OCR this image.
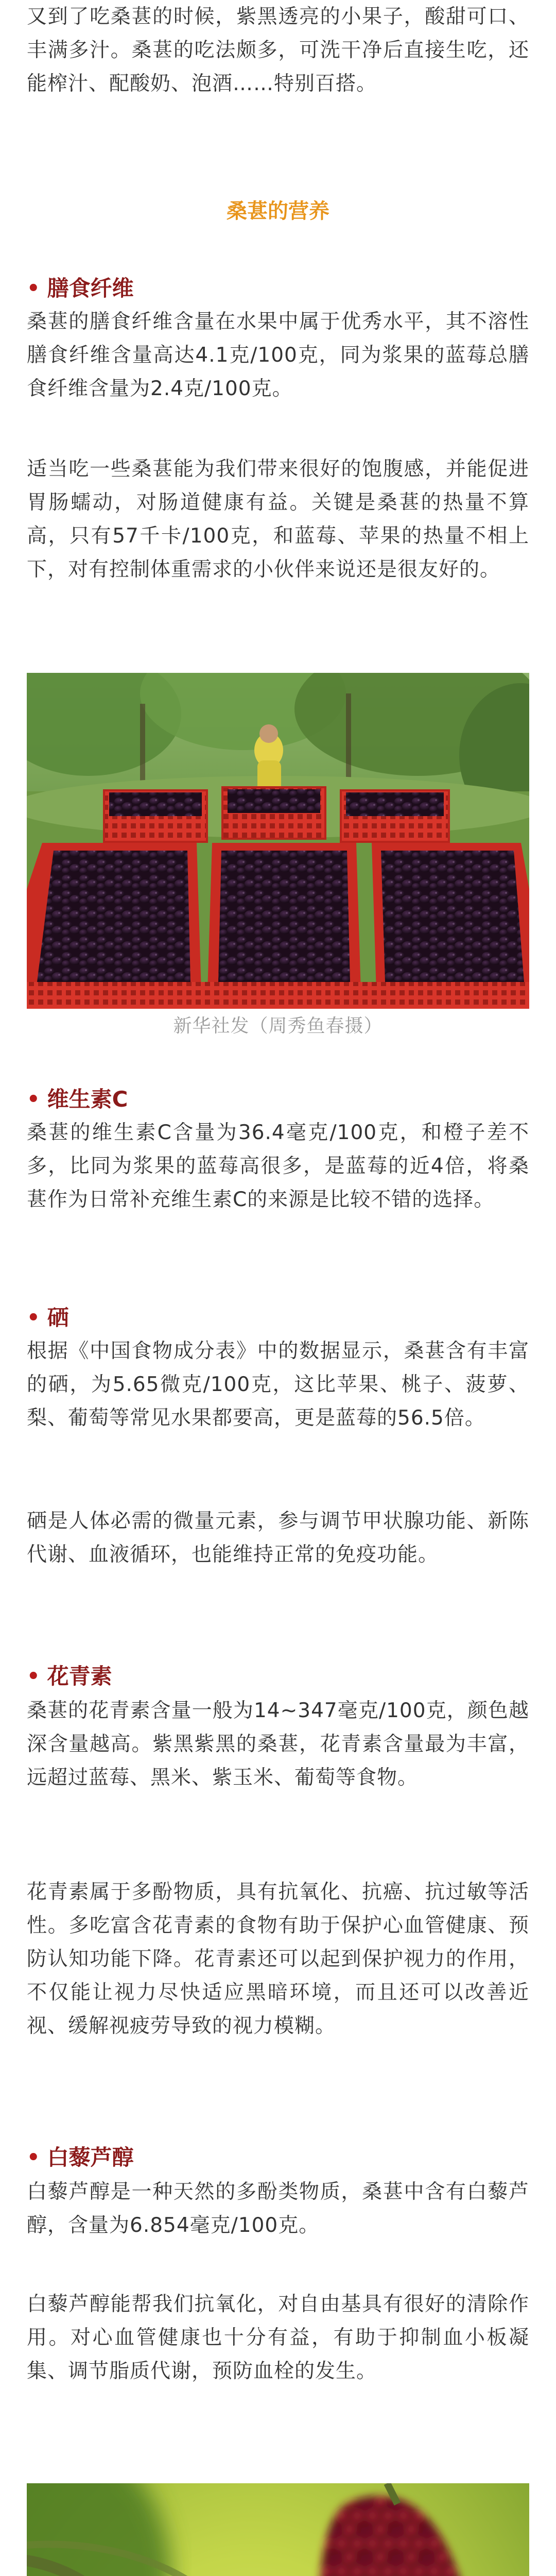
又到了吃桑葚的时候，紫黑透亮的小果子，酸甜可口、丰满多汁。桑葚的吃法颇多，可洗干净后直接生吃，还能榨汁、配酸奶、泡酒……特别百搭。

桑葚的营养

• 膳食纤维

桑葚的膳食纤维含量在水果中属于优秀水平，其不溶性膳食纤维含量高达4.1克/100克，同为浆果的蓝莓总膳食纤维含量为2.4克/100克。

适当吃一些桑葚能为我们带来很好的饱腹感，并能促进胃肠蠕动，对肠道健康有益。关键是桑葚的热量不算高，只有57千卡/100克，和蓝莓、苹果的热量不相上下，对有控制体重需求的小伙伴来说还是很友好的。

新华社发（周秀鱼春摄）

• 维生素C

桑葚的维生素C含量为36.4毫克/100克，和橙子差不多，比同为浆果的蓝莓高很多，是蓝莓的近4倍，将桑葚作为日常补充维生素C的来源是比较不错的选择。

• 硒

根据《中国食物成分表》中的数据显示，桑葚含有丰富的硒，为5.65微克/100克，这比苹果、桃子、菠萝、梨、葡萄等常见水果都要高，更是蓝莓的56.5倍。

硒是人体必需的微量元素，参与调节甲状腺功能、新陈代谢、血液循环，也能维持正常的免疫功能。

• 花青素

桑葚的花青素含量一般为14~347毫克/100克，颜色越深含量越高。紫黑紫黑的桑葚，花青素含量最为丰富，远超过蓝莓、黑米、紫玉米、葡萄等食物。

花青素属于多酚物质，具有抗氧化、抗癌、抗过敏等活性。多吃富含花青素的食物有助于保护心血管健康、预防认知功能下降。花青素还可以起到保护视力的作用，不仅能让视力尽快适应黑暗环境，而且还可以改善近视、缓解视疲劳导致的视力模糊。

• 白藜芦醇

白藜芦醇是一种天然的多酚类物质，桑葚中含有白藜芦醇，含量为6.854毫克/100克。

白藜芦醇能帮我们抗氧化，对自由基具有很好的清除作用。对心血管健康也十分有益，有助于抑制血小板凝集、调节脂质代谢，预防血栓的发生。
